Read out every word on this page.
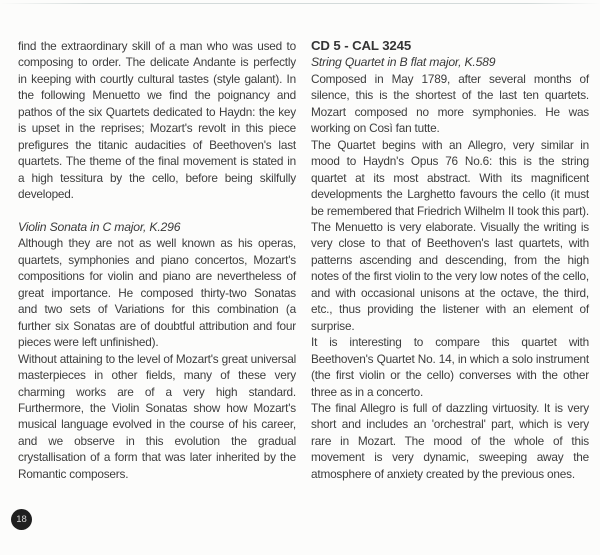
find the extraordinary skill of a man who was used to composing to order. The delicate Andante is perfectly in keeping with courtly cultural tastes (style galant). In the following Menuetto we find the poignancy and pathos of the six Quartets dedicated to Haydn: the key is upset in the reprises; Mozart's revolt in this piece prefigures the titanic audacities of Beethoven's last quartets. The theme of the final movement is stated in a high tessitura by the cello, before being skilfully developed.

Violin Sonata in C major, K.296

Although they are not as well known as his operas, quartets, symphonies and piano concertos, Mozart's compositions for violin and piano are nevertheless of great importance. He composed thirty-two Sonatas and two sets of Variations for this combination (a further six Sonatas are of doubtful attribution and four pieces were left unfinished).

Without attaining to the level of Mozart's great universal masterpieces in other fields, many of these very charming works are of a very high standard. Furthermore, the Violin Sonatas show how Mozart's musical language evolved in the course of his career, and we observe in this evolution the gradual crystallisation of a form that was later inherited by the Romantic composers.

CD 5 - CAL 3245

String Quartet in B flat major, K.589

Composed in May 1789, after several months of silence, this is the shortest of the last ten quartets. Mozart composed no more symphonies. He was working on Così fan tutte.

The Quartet begins with an Allegro, very similar in mood to Haydn's Opus 76 No.6: this is the string quartet at its most abstract. With its magnificent developments the Larghetto favours the cello (it must be remembered that Friedrich Wilhelm II took this part). The Menuetto is very elaborate. Visually the writing is very close to that of Beethoven's last quartets, with patterns ascending and descending, from the high notes of the first violin to the very low notes of the cello, and with occasional unisons at the octave, the third, etc., thus providing the listener with an element of surprise.

It is interesting to compare this quartet with Beethoven's Quartet No. 14, in which a solo instrument (the first violin or the cello) converses with the other three as in a concerto.

The final Allegro is full of dazzling virtuosity. It is very short and includes an 'orchestral' part, which is very rare in Mozart. The mood of the whole of this movement is very dynamic, sweeping away the atmosphere of anxiety created by the previous ones.

18
